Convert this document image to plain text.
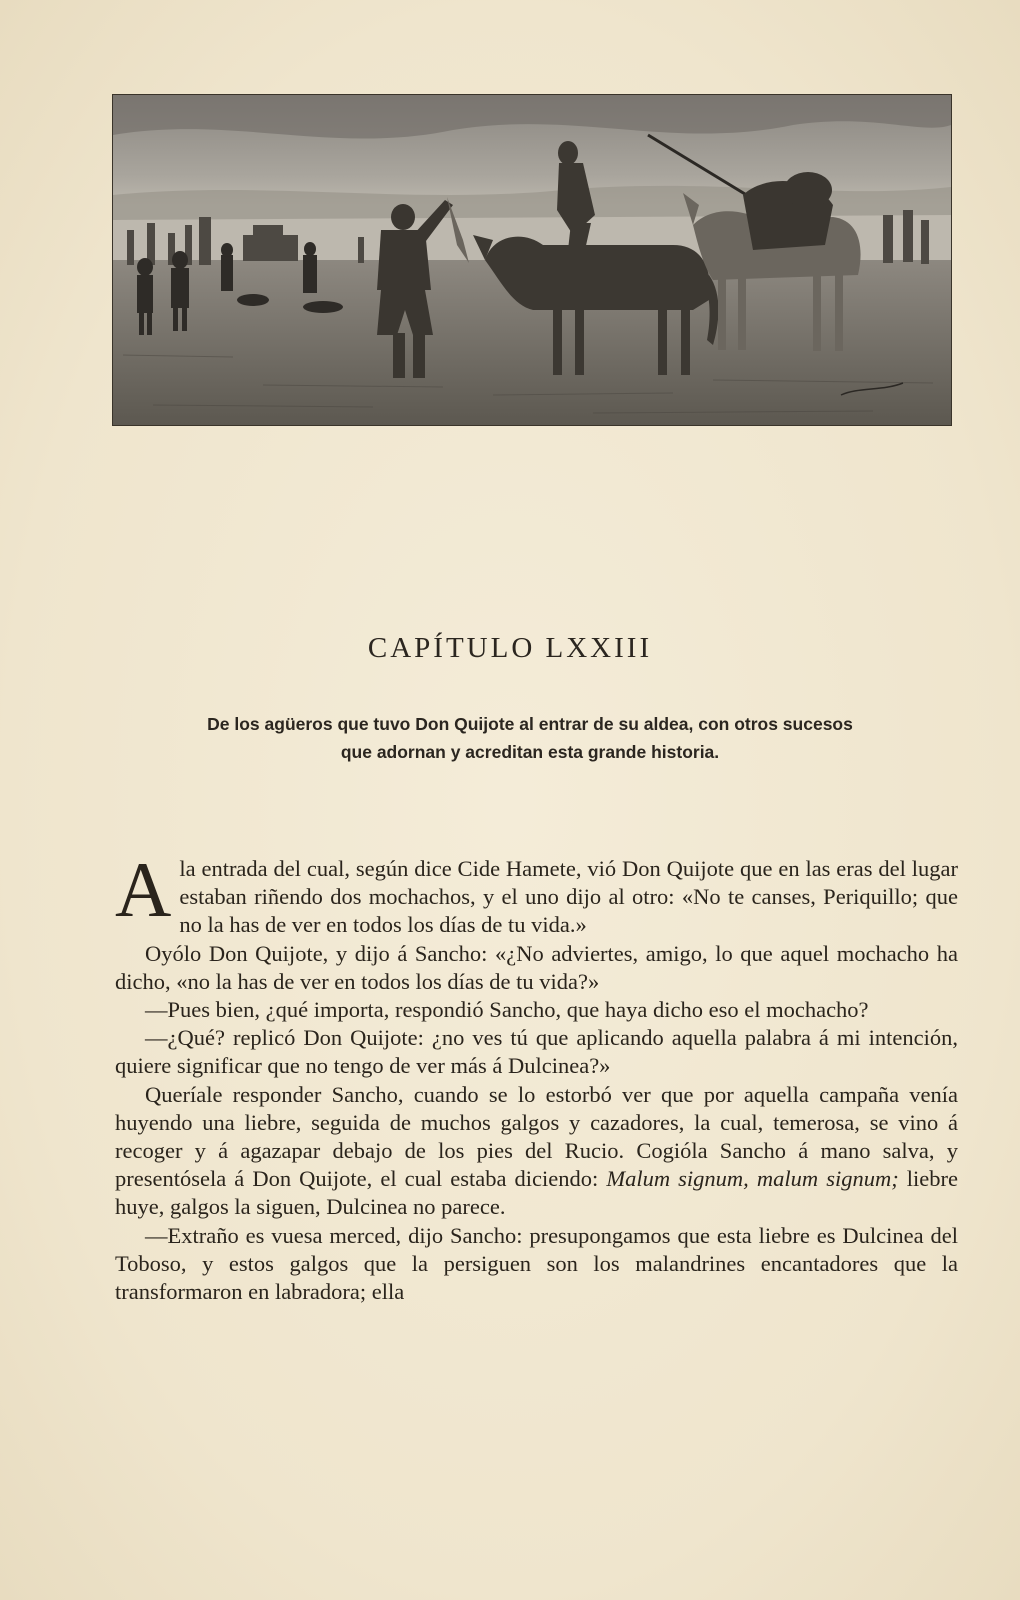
CAPÍTULO LXXIII
De los agüeros que tuvo Don Quijote al entrar de su aldea, con otros sucesos
que adornan y acreditan esta grande historia.

Ala entrada del cual, según dice Cide Hamete, vió Don Quijote que en las eras del lugar estaban riñendo dos mochachos, y el uno dijo al otro: «No te canses, Periquillo; que no la has de ver en todos los días de tu vida.»

Oyólo Don Quijote, y dijo á Sancho: «¿No adviertes, amigo, lo que aquel mochacho ha dicho, «no la has de ver en todos los días de tu vida?»

—Pues bien, ¿qué importa, respondió Sancho, que haya dicho eso el mochacho?

—¿Qué? replicó Don Quijote: ¿no ves tú que aplicando aquella palabra á mi intención, quiere significar que no tengo de ver más á Dulcinea?»

Queríale responder Sancho, cuando se lo estorbó ver que por aquella campaña venía huyendo una liebre, seguida de muchos galgos y cazadores, la cual, temerosa, se vino á recoger y á agazapar debajo de los pies del Rucio. Cogióla Sancho á mano salva, y presentósela á Don Quijote, el cual estaba diciendo: Malum signum, malum signum; liebre huye, galgos la siguen, Dulcinea no parece.

—Extraño es vuesa merced, dijo Sancho: presupongamos que esta liebre es Dulcinea del Toboso, y estos galgos que la persiguen son los malandrines encantadores que la transformaron en labradora; ella
